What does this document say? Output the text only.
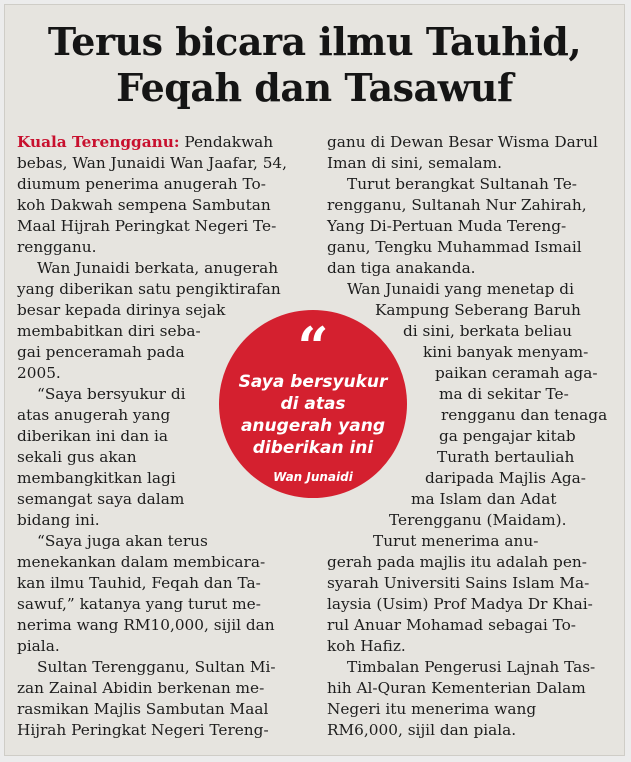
Terus bicara ilmu Tauhid,
Feqah dan Tasawuf
Kuala Terengganu: Pendakwah
bebas, Wan Junaidi Wan Jaafar, 54,
diumum penerima anugerah To-
koh Dakwah sempena Sambutan
Maal Hijrah Peringkat Negeri Te-
rengganu.
Wan Junaidi berkata, anugerah
yang diberikan satu pengiktirafan
besar kepada dirinya sejak
membabitkan diri seba-
gai penceramah pada
2005.
“Saya bersyukur di
atas anugerah yang
diberikan ini dan ia
sekali gus akan
membangkitkan lagi
semangat saya dalam
bidang ini.
“Saya juga akan terus
menekankan dalam membicara-
kan ilmu Tauhid, Feqah dan Ta-
sawuf,” katanya yang turut me-
nerima wang RM10,000, sijil dan
piala.
Sultan Terengganu, Sultan Mi-
zan Zainal Abidin berkenan me-
rasmikan Majlis Sambutan Maal
Hijrah Peringkat Negeri Tereng-
ganu di Dewan Besar Wisma Darul
Iman di sini, semalam.
Turut berangkat Sultanah Te-
rengganu, Sultanah Nur Zahirah,
Yang Di-Pertuan Muda Tereng-
ganu, Tengku Muhammad Ismail
dan tiga anakanda.
Wan Junaidi yang menetap di
Kampung Seberang Baruh
di sini, berkata beliau
kini banyak menyam-
paikan ceramah aga-
ma di sekitar Te-
rengganu dan tenaga
ga pengajar kitab
Turath bertauliah
daripada Majlis Aga-
ma Islam dan Adat
Terengganu (Maidam).
Turut menerima anu-
gerah pada majlis itu adalah pen-
syarah Universiti Sains Islam Ma-
laysia (Usim) Prof Madya Dr Khai-
rul Anuar Mohamad sebagai To-
koh Hafiz.
Timbalan Pengerusi Lajnah Tas-
hih Al-Quran Kementerian Dalam
Negeri itu menerima wang
RM6,000, sijil dan piala.
“
Saya bersyukur
di atas
anugerah yang
diberikan ini
Wan Junaidi
